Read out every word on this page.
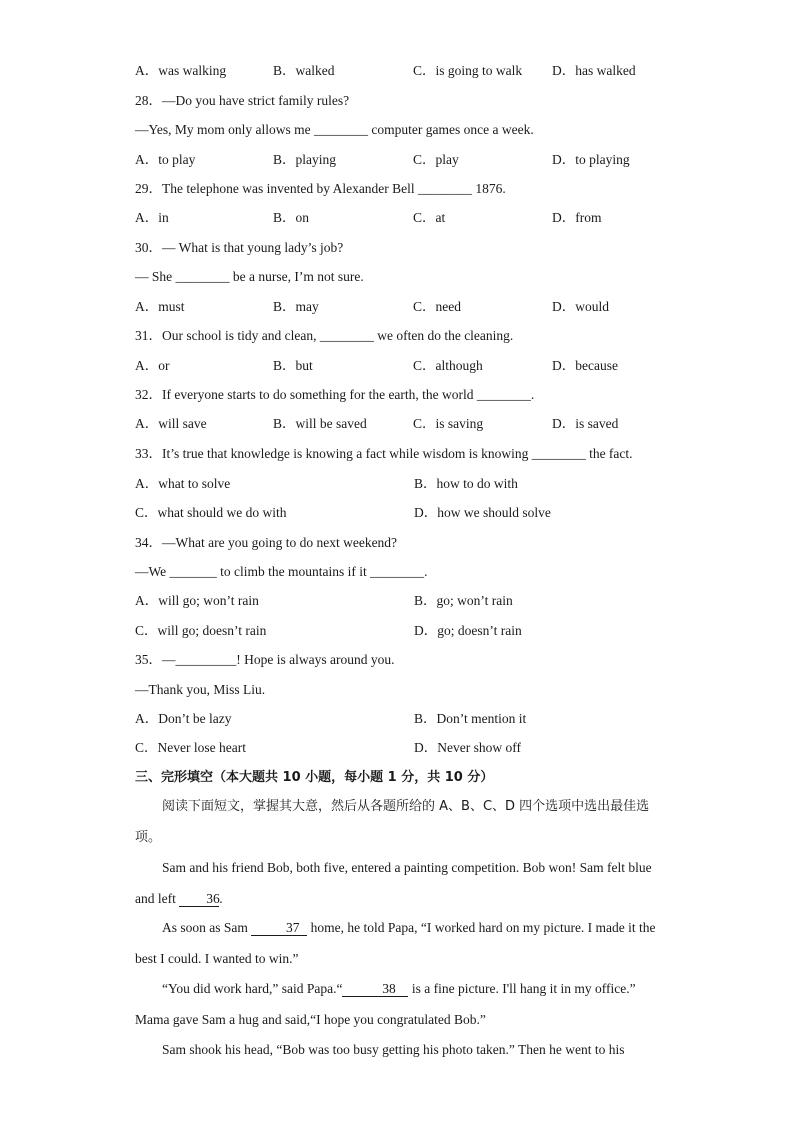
A．was walking	B．walked	C．is going to walk D．has walked
28．—Do you have strict family rules?
—Yes, My mom only allows me ________ computer games once a week.
A．to play	B．playing	C．play	D．to playing
29．The telephone was invented by Alexander Bell ________ 1876.
A．in	B．on	C．at	D．from
30．— What is that young lady’s job?
— She ________ be a nurse, I’m not sure.
A．must	B．may	C．need	D．would
31．Our school is tidy and clean, ________ we often do the cleaning.
A．or	B．but	C．although	D．because
32．If everyone starts to do something for the earth, the world ________.
A．will save	B．will be saved	C．is saving	D．is saved
33．It’s true that knowledge is knowing a fact while wisdom is knowing ________ the fact.
A．what to solve	B．how to do with
C．what should we do with	D．how we should solve
34．—What are you going to do next weekend?
—We _______ to climb the mountains if it ________.
A．will go; won’t rain	B．go; won’t rain
C．will go; doesn’t rain	D．go; doesn’t rain
35．—_________! Hope is always around you.
—Thank you, Miss Liu.
A．Don’t be lazy	B．Don’t mention it
C．Never lose heart	D．Never show off
三、完形填空（本大题共 10 小题，每小题 1 分，共 10 分）
阅读下面短文，掌握其大意，然后从各题所给的 A、B、C、D 四个选项中选出最佳选项。
Sam and his friend Bob, both five, entered a painting competition. Bob won! Sam felt blue and left 36.
As soon as Sam	37 home, he told Papa, “I worked hard on my picture. I made it the best I could. I wanted to win.”
“You did work hard,” said Papa.“	38 is a fine picture. I'll hang it in my office.” Mama gave Sam a hug and said,“I hope you congratulated Bob.”
Sam shook his head, “Bob was too busy getting his photo taken.” Then he went to his
